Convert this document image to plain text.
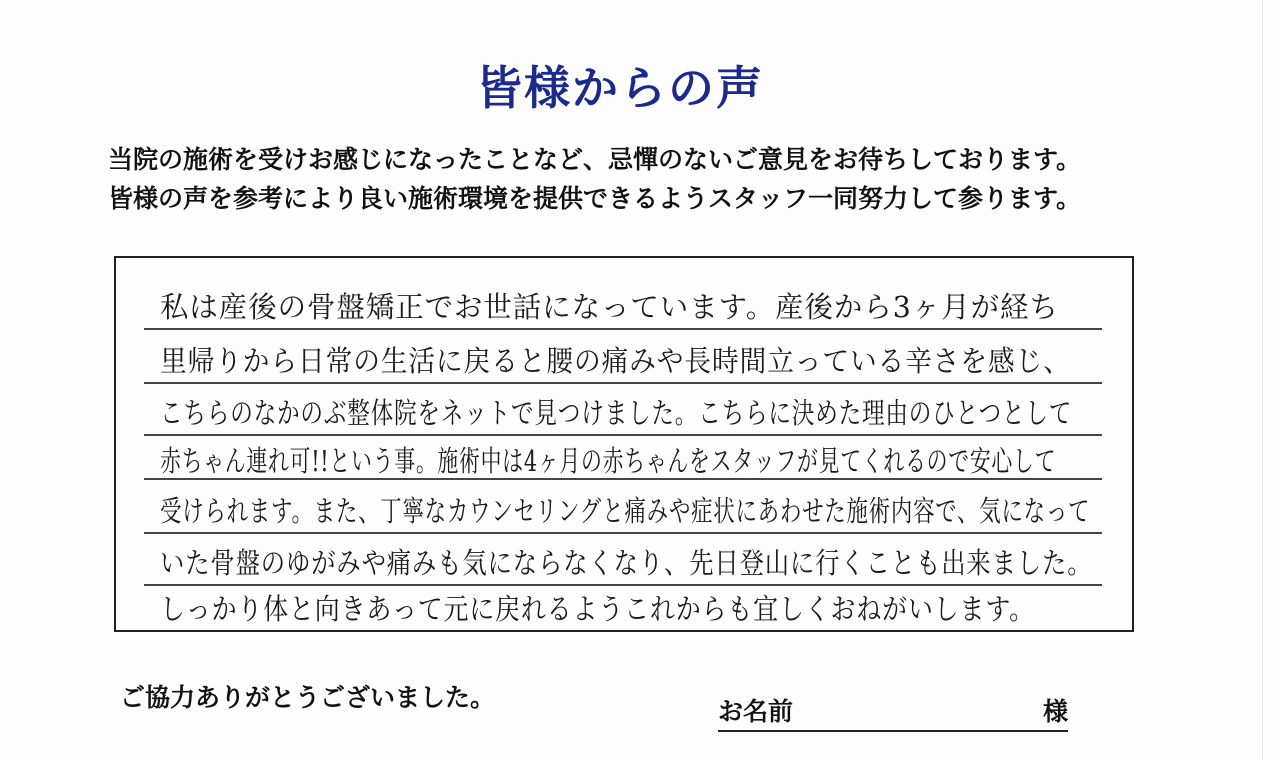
皆様からの声
当院の施術を受けお感じになったことなど、忌憚のないご意見をお待ちしております。
皆様の声を参考により良い施術環境を提供できるようスタッフ一同努力して参ります。
私は産後の骨盤矯正でお世話になっています。産後から3ヶ月が経ち
里帰りから日常の生活に戻ると腰の痛みや長時間立っている辛さを感じ、
こちらのなかのぶ整体院をネットで見つけました。こちらに決めた理由のひとつとして
赤ちゃん連れ可!!という事。施術中は4ヶ月の赤ちゃんをスタッフが見てくれるので安心して
受けられます。また、丁寧なカウンセリングと痛みや症状にあわせた施術内容で、気になって
いた骨盤のゆがみや痛みも気にならなくなり、先日登山に行くことも出来ました。
しっかり体と向きあって元に戻れるようこれからも宜しくおねがいします。
ご協力ありがとうございました。	お名前	様
